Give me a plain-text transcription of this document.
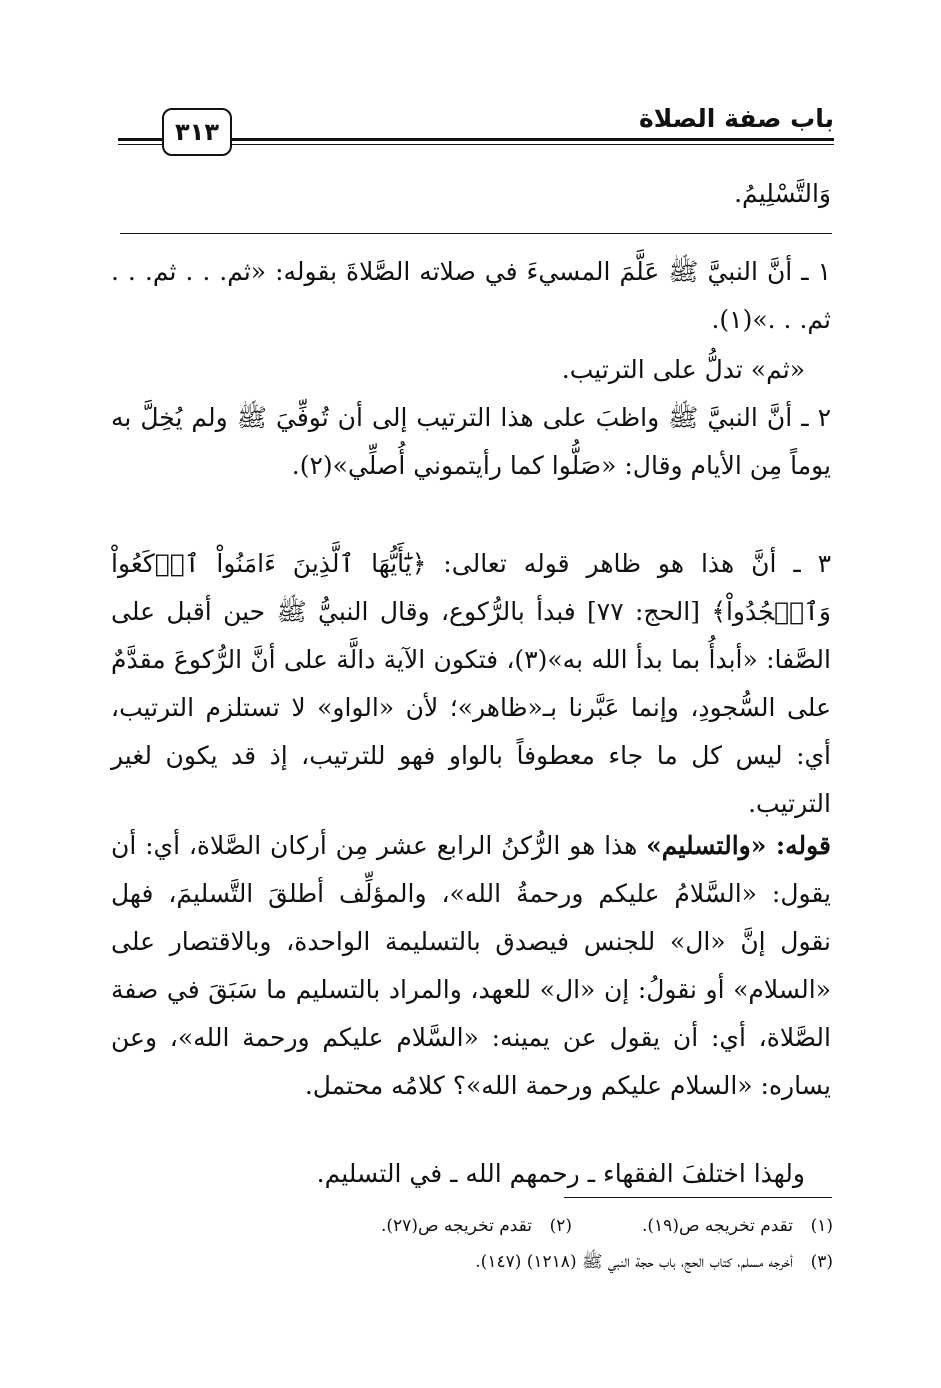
باب صفة الصلاة
٣١٣
وَالتَّسْلِيمُ.
١ ـ أنَّ النبيَّ ﷺ عَلَّمَ المسيءَ في صلاته الصَّلاةَ بقوله: «ثم. . . ثم. . . ثم. . .»(١).
«ثم» تدلُّ على الترتيب.
٢ ـ أنَّ النبيَّ ﷺ واظبَ على هذا الترتيب إلى أن تُوفِّيَ ﷺ ولم يُخِلَّ به يوماً مِن الأيام وقال: «صَلُّوا كما رأيتموني أُصلِّي»(٢).
٣ ـ أنَّ هذا هو ظاهر قوله تعالى: ﴿يَٰٓأَيُّهَا ٱلَّذِينَ ءَامَنُواْ ٱرۡكَعُواْ وَٱسۡجُدُواْ﴾ [الحج: ٧٧] فبدأ بالرُّكوع، وقال النبيُّ ﷺ حين أقبل على الصَّفا: «أبدأُ بما بدأ الله به»(٣)، فتكون الآية دالَّة على أنَّ الرُّكوعَ مقدَّمٌ على السُّجودِ، وإنما عَبَّرنا بـ«ظاهر»؛ لأن «الواو» لا تستلزم الترتيب، أي: ليس كل ما جاء معطوفاً بالواو فهو للترتيب، إذ قد يكون لغير الترتيب.
قوله: «والتسليم» هذا هو الرُّكنُ الرابع عشر مِن أركان الصَّلاة، أي: أن يقول: «السَّلامُ عليكم ورحمةُ الله»، والمؤلِّف أطلقَ التَّسليمَ، فهل نقول إنَّ «ال» للجنس فيصدق بالتسليمة الواحدة، وبالاقتصار على «السلام» أو نقولُ: إن «ال» للعهد، والمراد بالتسليم ما سَبَقَ في صفة الصَّلاة، أي: أن يقول عن يمينه: «السَّلام عليكم ورحمة الله»، وعن يساره: «السلام عليكم ورحمة الله»؟ كلامُه محتمل.
ولهذا اختلفَ الفقهاء ـ رحمهم الله ـ في التسليم.
(١)تقدم تخريجه ص(١٩).(٢)تقدم تخريجه ص(٢٧).
(٣)أخرجه مسلم، كتاب الحج، باب حجة النبي ﷺ (١٢١٨) (١٤٧).
